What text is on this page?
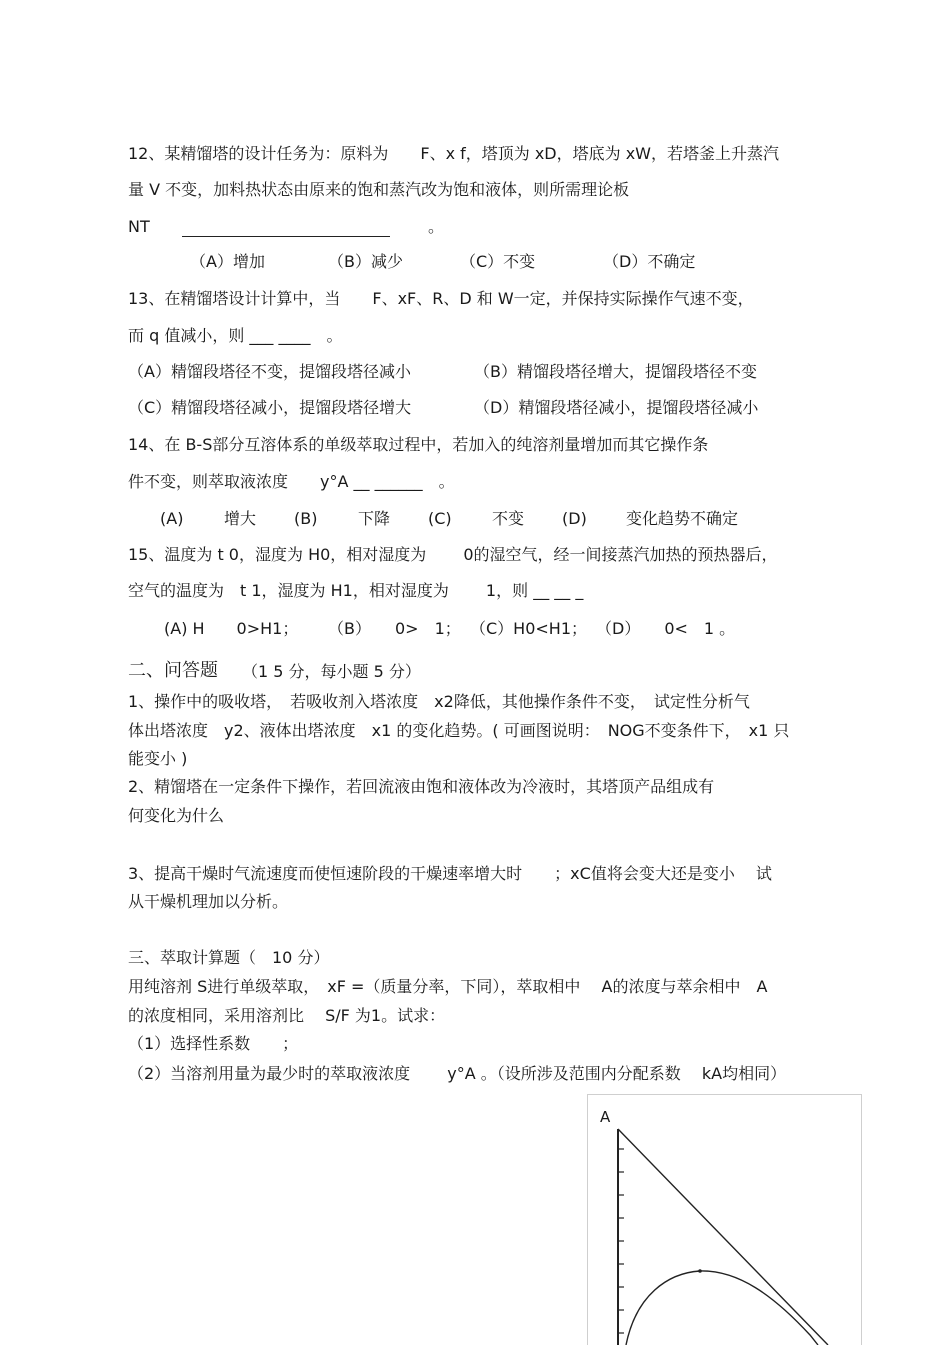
12、某精馏塔的设计任务为：原料为　　F、x f，塔顶为 xD，塔底为 xW，若塔釜上升蒸汽
量 V 不变，加料热状态由原来的饱和蒸汽改为饱和液体，则所需理论板
NT	。
（A）增加	（B）减少	（C）不变	（D）不确定
13、在精馏塔设计计算中，当　　F、xF、R、D 和 W一定，并保持实际操作气速不变，
而 q 值减小，则 ___ ____　。
（A）精馏段塔径不变，提馏段塔径减小	（B）精馏段塔径增大，提馏段塔径不变
（C）精馏段塔径减小，提馏段塔径增大	（D）精馏段塔径减小，提馏段塔径减小
14、在 B-S部分互溶体系的单级萃取过程中，若加入的纯溶剂量增加而其它操作条
件不变，则萃取液浓度　　y°A __ ______　。
(A)	增大 (B)	下降 (C)	不变 (D) 变化趋势不确定
15、温度为 t 0，湿度为 H0，相对湿度为　　 0的湿空气，经一间接蒸汽加热的预热器后，
空气的温度为　t 1，湿度为 H1，相对湿度为　　 1，则 __ __ _
(A) H　　0>H1； （B）　　0>　1； （C）H0<H1； （D）　　0<　1 。
二、问答题 （1 5 分，每小题 5 分）
1、操作中的吸收塔，　若吸收剂入塔浓度　x2降低，其他操作条件不变，　试定性分析气
体出塔浓度　y2、液体出塔浓度　x1 的变化趋势。( 可画图说明：　NOG不变条件下，　x1 只
能变小 )
2、精馏塔在一定条件下操作，若回流液由饱和液体改为冷液时，其塔顶产品组成有
何变化为什么
3、提高干燥时气流速度而使恒速阶段的干燥速率增大时　　；xC值将会变大还是变小　 试
从干燥机理加以分析。
三、萃取计算题（　10 分）
用纯溶剂 S进行单级萃取，　xF =（质量分率，下同），萃取相中　 A的浓度与萃余相中　A
的浓度相同，采用溶剂比　 S/F 为1。试求：
（1）选择性系数　　；
（2）当溶剂用量为最少时的萃取液浓度　　 y°A 。（设所涉及范围内分配系数　 kA均相同）
A
